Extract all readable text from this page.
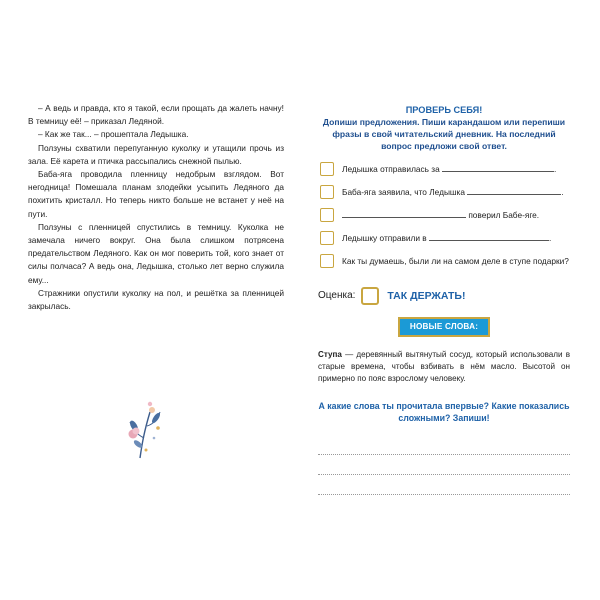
– А ведь и правда, кто я такой, если прощать да жалеть начну! В темницу её! – приказал Ледяной.

– Как же так... – прошептала Ледышка.

Ползуны схватили перепуганную куколку и утащили прочь из зала. Её карета и птичка рассыпались снежной пылью.

Баба-яга проводила пленницу недобрым взглядом. Вот негодница! Помешала планам злодейки усыпить Ледяного да похитить кристалл. Но теперь никто больше не встанет у неё на пути.

Ползуны с пленницей спустились в темницу. Куколка не замечала ничего вокруг. Она была слишком потрясена предательством Ледяного. Как он мог поверить той, кого знает от силы полчаса? А ведь она, Ледышка, столько лет верно служила ему...

Стражники опустили куколку на пол, и решётка за пленницей закрылась.

ПРОВЕРЬ СЕБЯ!
Допиши предложения. Пиши карандашом или перепиши фразы в свой читательский дневник. На последний вопрос предложи свой ответ.
Ледышка отправилась за	.
Баба-яга заявила, что Ледышка	.
поверил Бабе-яге.
Ледышку отправили в	.
Как ты думаешь, были ли на самом деле в ступе подарки?
Оценка:	ТАК ДЕРЖАТЬ!
НОВЫЕ СЛОВА:
Ступа — деревянный вытянутый сосуд, который использовали в старые времена, чтобы взбивать в нём масло. Высотой он примерно по пояс взрослому человеку.
А какие слова ты прочитала впервые? Какие показались сложными? Запиши!
